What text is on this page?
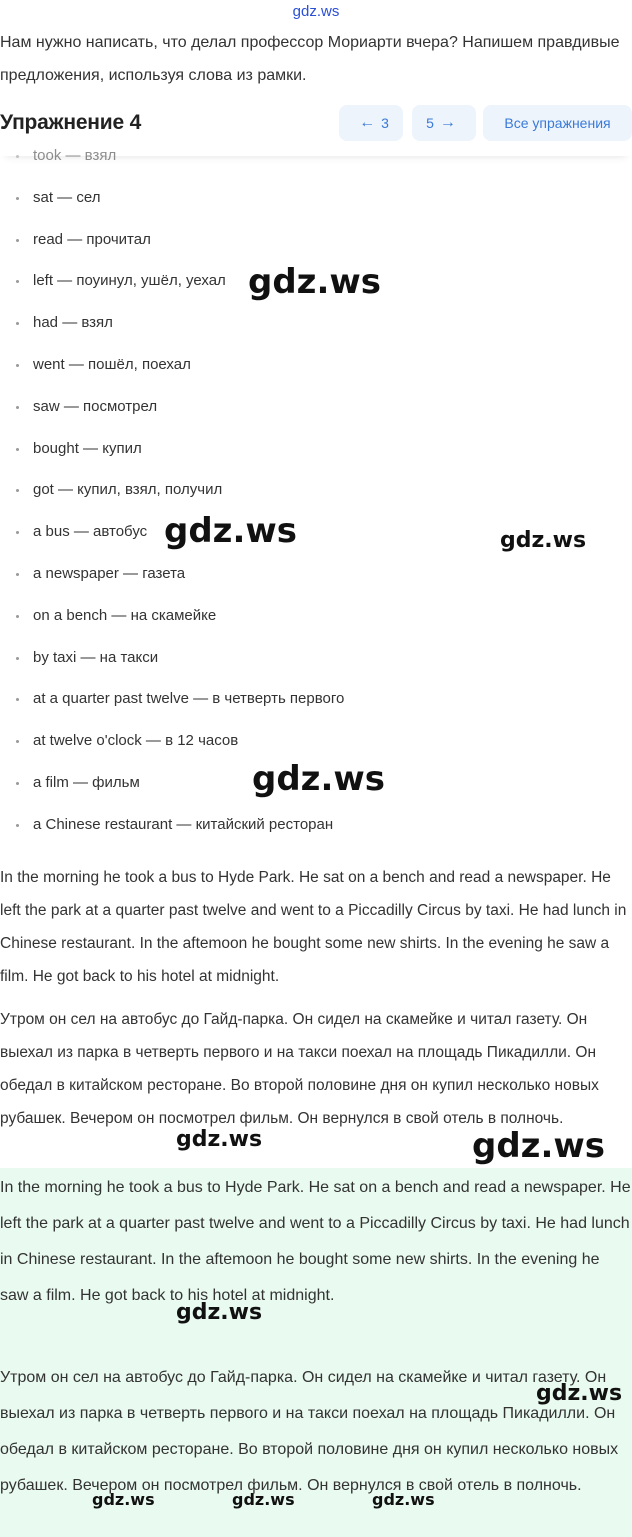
gdz.ws
Нам нужно написать, что делал профессор Мориарти вчера? Напишем правдивые предложения, используя слова из рамки.
Упражнение 4	← 3	5 →	Все упражнения
took — взял
sat — сел
read — прочитал
left — поуинул, ушёл, уехал
had — взял
went — пошёл, поехал
saw — посмотрел
bought — купил
got — купил, взял, получил
a bus — автобус
a newspaper — газета
on a bench — на скамейке
by taxi — на такси
at a quarter past twelve — в четверть первого
at twelve o'clock — в 12 часов
a film — фильм
a Chinese restaurant — китайский ресторан
In the morning he took a bus to Hyde Park. He sat on a bench and read a newspaper. He left the park at a quarter past twelve and went to a Piccadilly Circus by taxi. He had lunch in Chinese restaurant. In the aftemoon he bought some new shirts. In the evening he saw a film. He got back to his hotel at midnight.
Утром он сел на автобус до Гайд-парка. Он сидел на скамейке и читал газету. Он выехал из парка в четверть первого и на такси поехал на площадь Пикадилли. Он обедал в китайском ресторане. Во второй половине дня он купил несколько новых рубашек. Вечером он посмотрел фильм. Он вернулся в свой отель в полночь.
In the morning he took a bus to Hyde Park. He sat on a bench and read a newspaper. He left the park at a quarter past twelve and went to a Piccadilly Circus by taxi. He had lunch in Chinese restaurant. In the aftemoon he bought some new shirts. In the evening he saw a film. He got back to his hotel at midnight.
Утром он сел на автобус до Гайд-парка. Он сидел на скамейке и читал газету. Он выехал из парка в четверть первого и на такси поехал на площадь Пикадилли. Он обедал в китайском ресторане. Во второй половине дня он купил несколько новых рубашек. Вечером он посмотрел фильм. Он вернулся в свой отель в полночь.
gdz.ws
gdz.ws	gdz.ws
gdz.ws
gdz.ws	gdz.ws
gdz.ws
gdz.ws
gdz.ws	gdz.ws	gdz.ws
